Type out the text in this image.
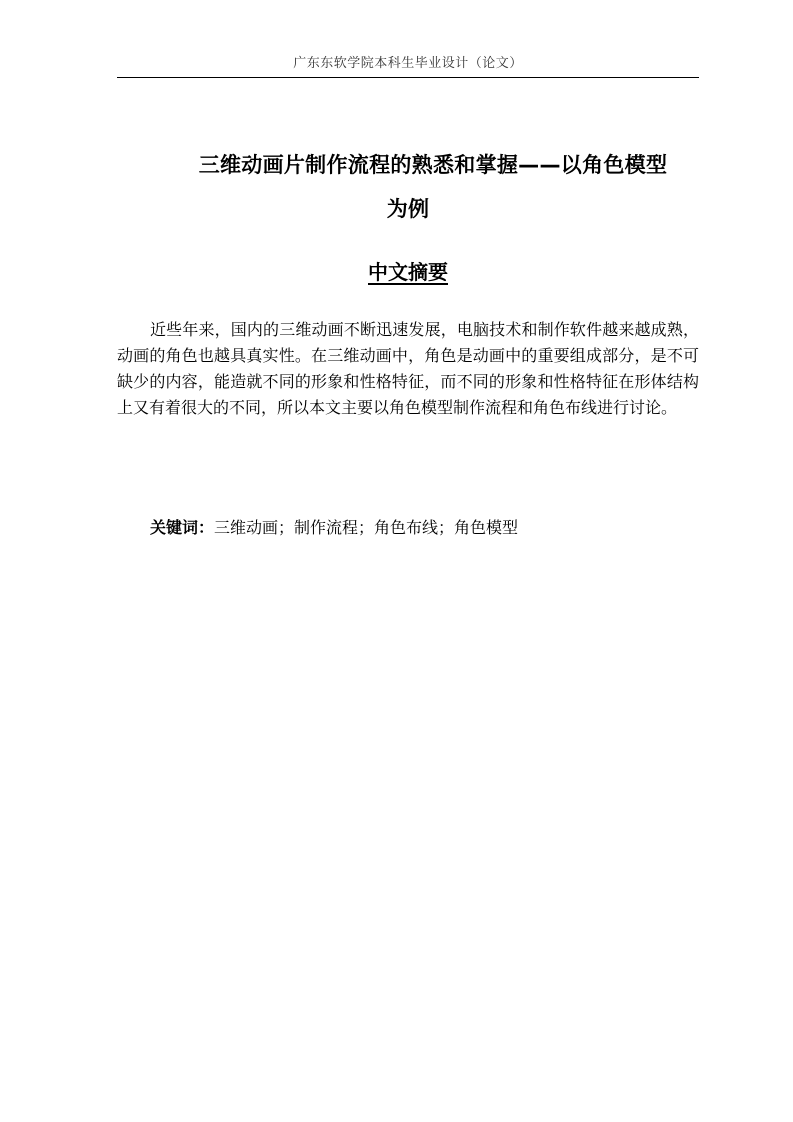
广东东软学院本科生毕业设计（论文）
三维动画片制作流程的熟悉和掌握——以角色模型
为例
中文摘要

近些年来，国内的三维动画不断迅速发展，电脑技术和制作软件越来越成熟，动画的角色也越具真实性。在三维动画中，角色是动画中的重要组成部分，是不可缺少的内容，能造就不同的形象和性格特征，而不同的形象和性格特征在形体结构上又有着很大的不同，所以本文主要以角色模型制作流程和角色布线进行讨论。

关键词：三维动画；制作流程；角色布线；角色模型
